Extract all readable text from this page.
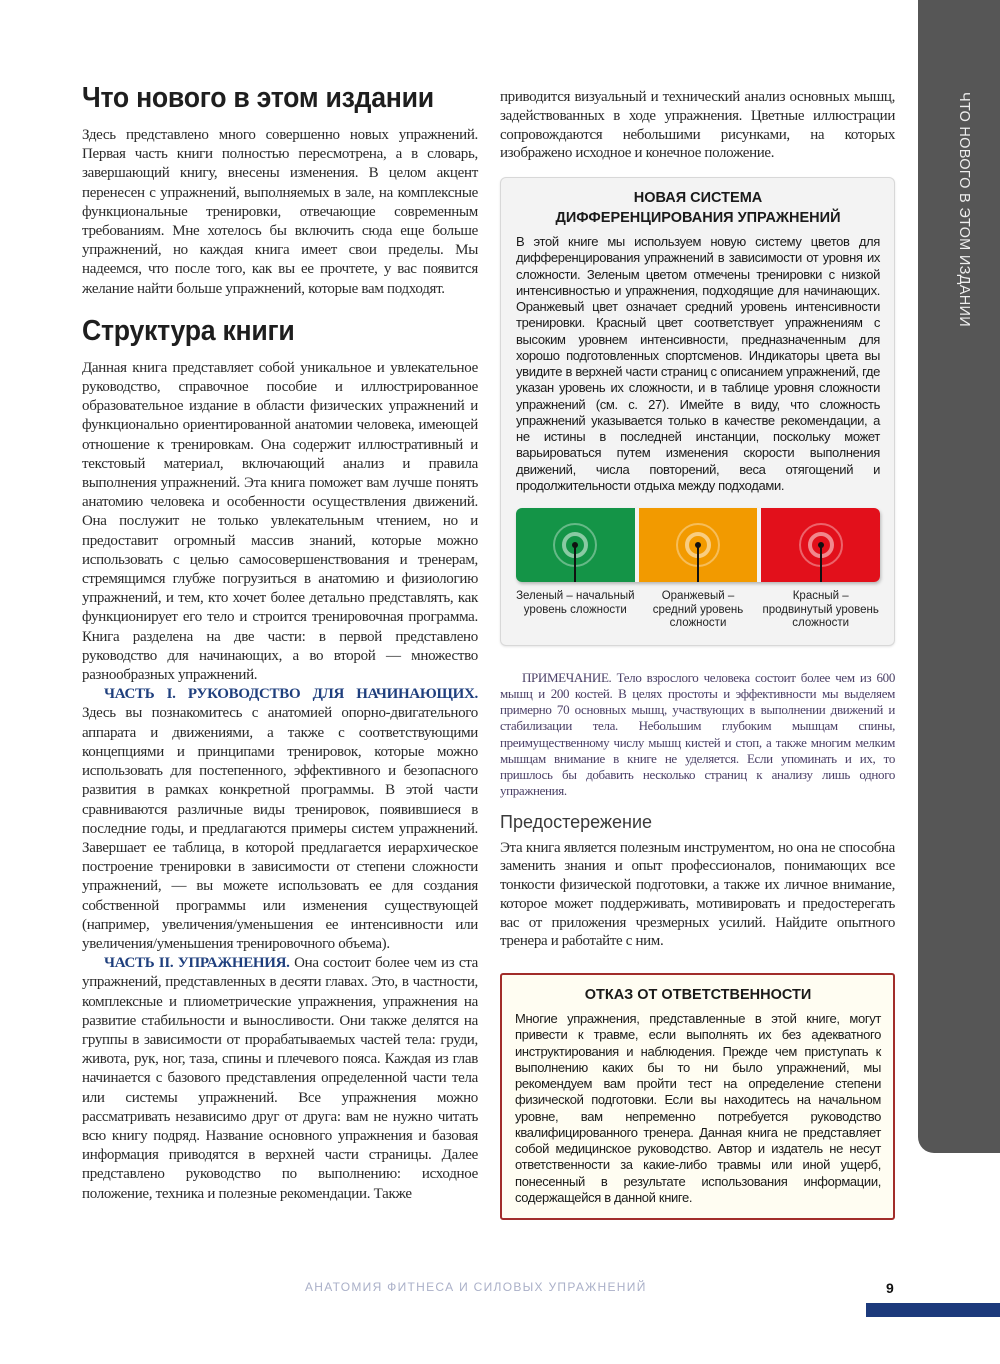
ЧТО НОВОГО В ЭТОМ ИЗДАНИИ
Что нового в этом издании

Здесь представлено много совершенно новых упражнений. Первая часть книги полностью пересмотрена, а в словарь, завершающий книгу, внесены изменения. В целом акцент перенесен с упражнений, выполняемых в зале, на комплексные функциональные тренировки, отвечающие современным требованиям. Мне хотелось бы включить сюда еще больше упражнений, но каждая книга имеет свои пределы. Мы надеемся, что после того, как вы ее прочтете, у вас появится желание найти больше упражнений, которые вам подходят.

Структура книги

Данная книга представляет собой уникальное и увлекательное руководство, справочное пособие и иллюстрированное образовательное издание в области физических упражнений и функционально ориентированной анатомии человека, имеющей отношение к тренировкам. Она содержит иллюстративный и текстовый материал, включающий анализ и правила выполнения упражнений. Эта книга поможет вам лучше понять анатомию человека и особенности осуществления движений. Она послужит не только увлекательным чтением, но и предоставит огромный массив знаний, которые можно использовать с целью самосовершенствования и тренерам, стремящимся глубже погрузиться в анатомию и физиологию упражнений, и тем, кто хочет более детально представлять, как функционирует его тело и строится тренировочная программа. Книга разделена на две части: в первой представлено руководство для начинающих, а во второй — множество разнообразных упражнений.

ЧАСТЬ I. РУКОВОДСТВО ДЛЯ НАЧИНАЮЩИХ. Здесь вы познакомитесь с анатомией опорно-двигательного аппарата и движениями, а также с соответствующими концепциями и принципами тренировок, которые можно использовать для постепенного, эффективного и безопасного развития в рамках конкретной программы. В этой части сравниваются различные виды тренировок, появившиеся в последние годы, и предлагаются примеры систем упражнений. Завершает ее таблица, в которой предлагается иерархическое построение тренировки в зависимости от степени сложности упражнений, — вы можете использовать ее для создания собственной программы или изменения существующей (например, увеличения/уменьшения ее интенсивности или увеличения/уменьшения тренировочного объема).

ЧАСТЬ II. УПРАЖНЕНИЯ. Она состоит более чем из ста упражнений, представленных в десяти главах. Это, в частности, комплексные и плиометрические упражнения, упражнения на развитие стабильности и выносливости. Они также делятся на группы в зависимости от прорабатываемых частей тела: груди, живота, рук, ног, таза, спины и плечевого пояса. Каждая из глав начинается с базового представления определенной части тела или системы упражнений. Все упражнения можно рассматривать независимо друг от друга: вам не нужно читать всю книгу подряд. Название основного упражнения и базовая информация приводятся в верхней части страницы. Далее представлено руководство по выполнению: исходное положение, техника и полезные рекомендации. Также

приводится визуальный и технический анализ основных мышц, задействованных в ходе упражнения. Цветные иллюстрации сопровождаются небольшими рисунками, на которых изображено исходное и конечное положение.

НОВАЯ СИСТЕМА
ДИФФЕРЕНЦИРОВАНИЯ УПРАЖНЕНИЙ

В этой книге мы используем новую систему цветов для дифференцирования упражнений в зависимости от уровня их сложности. Зеленым цветом отмечены тренировки с низкой интенсивностью и упражнения, подходящие для начинающих. Оранжевый цвет означает средний уровень интенсивности тренировки. Красный цвет соответствует упражнениям с высоким уровнем интенсивности, предназначенным для хорошо подготовленных спортсменов. Индикаторы цвета вы увидите в верхней части страниц с описанием упражнений, где указан уровень их сложности, и в таблице уровня сложности упражнений (см. с. 27). Имейте в виду, что сложность упражнений указывается только в качестве рекомендации, а не истины в последней инстанции, поскольку может варьироваться путем изменения скорости выполнения движений, числа повторений, веса отягощений и продолжительности отдыха между подходами.

Зеленый – начальный уровень сложности
Оранжевый – средний уровень сложности
Красный – продвинутый уровень сложности

ПРИМЕЧАНИЕ. Тело взрослого человека состоит более чем из 600 мышц и 200 костей. В целях простоты и эффективности мы выделяем примерно 70 основных мышц, участвующих в выполнении движений и стабилизации тела. Небольшим глубоким мышцам спины, преимущественному числу мышц кистей и стоп, а также многим мелким мышцам внимание в книге не уделяется. Если упоминать и их, то пришлось бы добавить несколько страниц к анализу лишь одного упражнения.

Предостережение

Эта книга является полезным инструментом, но она не способна заменить знания и опыт профессионалов, понимающих все тонкости физической подготовки, а также их личное внимание, которое может поддерживать, мотивировать и предостерегать вас от приложения чрезмерных усилий. Найдите опытного тренера и работайте с ним.

ОТКАЗ ОТ ОТВЕТСТВЕННОСТИ

Многие упражнения, представленные в этой книге, могут привести к травме, если выполнять их без адекватного инструктирования и наблюдения. Прежде чем приступать к выполнению каких бы то ни было упражнений, мы рекомендуем вам пройти тест на определение степени физической подготовки. Если вы находитесь на начальном уровне, вам непременно потребуется руководство квалифицированного тренера. Данная книга не представляет собой медицинское руководство. Автор и издатель не несут ответственности за какие-либо травмы или иной ущерб, понесенный в результате использования информации, содержащейся в данной книге.

АНАТОМИЯ ФИТНЕСА И СИЛОВЫХ УПРАЖНЕНИЙ	9
